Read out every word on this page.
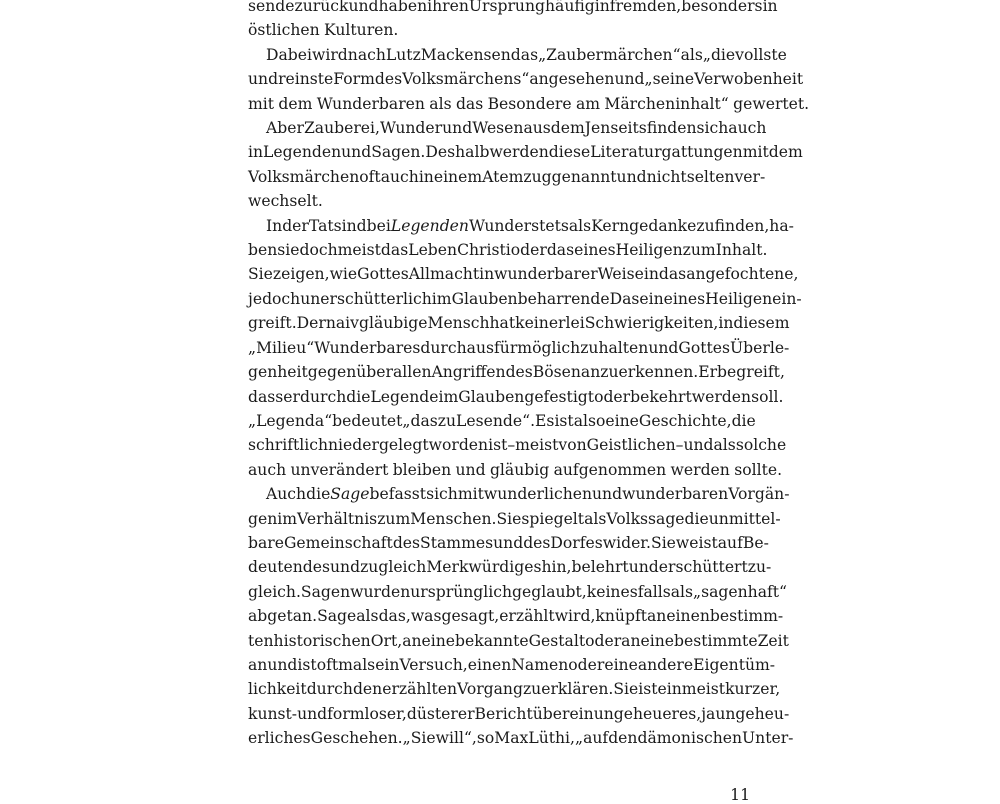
sende zurück und haben ihren Ursprung häufig in fremden, besonders in
östlichen Kulturen.
Dabei wird nach Lutz Mackensen das „Zaubermärchen“ als „die vollste
und reinste Form des Volksmärchens“ angesehen und „seine Verwobenheit
mit dem Wunderbaren als das Besondere am Märcheninhalt“ gewertet.
Aber Zauberei, Wunder und Wesen aus dem Jenseits finden sich auch
in Legenden und Sagen. Deshalb werden diese Literaturgattungen mit dem
Volksmärchen oft auch in einem Atemzug genannt und nicht selten ver-
wechselt.
In der Tat sind bei Legenden Wunder stets als Kerngedanke zu finden, ha-
ben sie doch meist das Leben Christi oder das eines Heiligen zum Inhalt.
Sie zeigen, wie Gottes Allmacht in wunderbarer Weise in das angefochtene,
jedoch unerschütterlich im Glauben beharrende Dasein eines Heiligen ein-
greift. Der naiv gläubige Mensch hat keinerlei Schwierigkeiten, in diesem
„Milieu“ Wunderbares durchaus für möglich zu halten und Gottes Überle-
genheit gegenüber allen Angriffen des Bösen anzuerkennen. Er begreift,
dass er durch die Legende im Glauben gefestigt oder bekehrt werden soll.
„Legenda“ bedeutet „das zu Lesende“. Es ist also eine Geschichte, die
schriftlich niedergelegt worden ist – meist von Geistlichen – und als solche
auch unverändert bleiben und gläubig aufgenommen werden sollte.
Auch die Sage befasst sich mit wunderlichen und wunderbaren Vorgän-
gen im Verhältnis zum Menschen. Sie spiegelt als Volkssage die unmittel-
bare Gemeinschaft des Stammes und des Dorfes wider. Sie weist auf Be-
deutendes und zugleich Merkwürdiges hin, belehrt und erschüttert zu-
gleich. Sagen wurden ursprünglich geglaubt, keinesfalls als „sagenhaft“
abgetan. Sage als das, was gesagt, erzählt wird, knüpft an einen bestimm-
ten historischen Ort, an eine bekannte Gestalt oder an eine bestimmte Zeit
an und ist oftmals ein Versuch, einen Namen oder eine andere Eigentüm-
lichkeit durch den erzählten Vorgang zu erklären. Sie ist ein meist kurzer,
kunst- und formloser, düsterer Bericht über ein ungeheueres, ja ungeheu-
erliches Geschehen. „Sie will“, so Max Lüthi, „auf den dämonischen Unter-
11
